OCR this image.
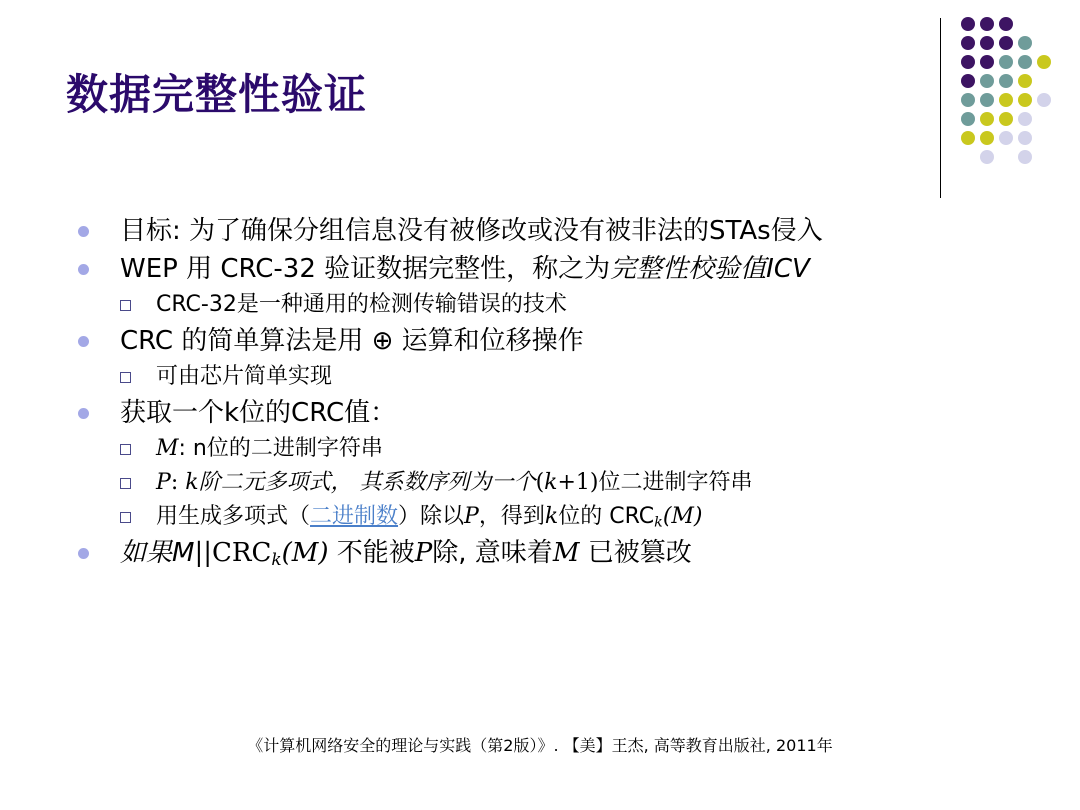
数据完整性验证
目标: 为了确保分组信息没有被修改或没有被非法的STAs侵入
WEP 用 CRC-32 验证数据完整性，称之为完整性校验值ICV
CRC-32是一种通用的检测传输错误的技术
CRC 的简单算法是用 ⊕ 运算和位移操作
可由芯片简单实现
获取一个k位的CRC值：
M: n位的二进制字符串
P: k阶二元多项式， 其系数序列为一个(k+1)位二进制字符串
用生成多项式（二进制数）除以P，得到k位的 $CRC_k(M)$
如果$M||CRC_k(M)$ 不能被P除, 意味着M 已被篡改
《计算机网络安全的理论与实践（第2版）》. 【美】王杰, 高等教育出版社, 2011年
